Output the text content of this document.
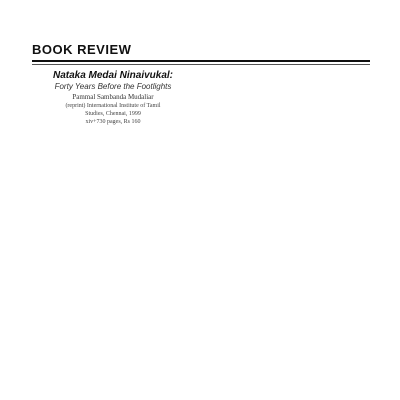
BOOK REVIEW
Nataka Medai Ninaivukal:
Forty Years Before the Footlights
Pammal Sambanda Mudaliar
(reprint) International Institute of Tamil
Studies, Chennai, 1999
xiv+730 pages, Rs 160
